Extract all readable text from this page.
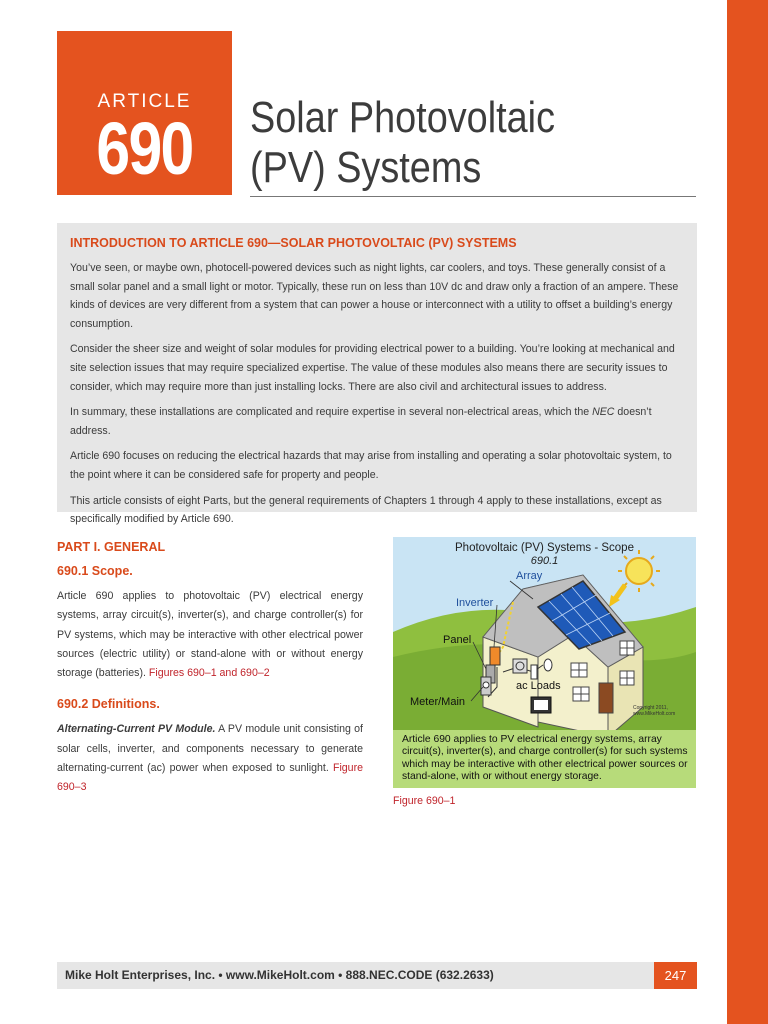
ARTICLE
690	Solar Photovoltaic
(PV) Systems
INTRODUCTION TO ARTICLE 690—SOLAR PHOTOVOLTAIC (PV) SYSTEMS

You’ve seen, or maybe own, photocell-powered devices such as night lights, car coolers, and toys. These generally consist of a small solar panel and a small light or motor. Typically, these run on less than 10V dc and draw only a fraction of an ampere. These kinds of devices are very different from a system that can power a house or interconnect with a utility to offset a building’s energy consumption.

Consider the sheer size and weight of solar modules for providing electrical power to a building. You’re looking at mechanical and site selection issues that may require specialized expertise. The value of these modules also means there are security issues to consider, which may require more than just installing locks. There are also civil and architectural issues to address.

In summary, these installations are complicated and require expertise in several non-electrical areas, which the NEC doesn’t address.

Article 690 focuses on reducing the electrical hazards that may arise from installing and operating a solar photovoltaic system, to the point where it can be considered safe for property and people.

This article consists of eight Parts, but the general requirements of Chapters 1 through 4 apply to these installations, except as specifically modified by Article 690.

PART I. GENERAL
690.1 Scope.

Article 690 applies to photovoltaic (PV) electrical energy systems, array circuit(s), inverter(s), and charge controller(s) for PV systems, which may be interactive with other electrical power sources (electric utility) or stand-alone with or without energy storage (batteries). Figures 690–1 and 690–2

690.2 Definitions.

Alternating-Current PV Module. A PV module unit consisting of solar cells, inverter, and components necessary to generate alternating-current (ac) power when exposed to sunlight. Figure 690–3

Photovoltaic (PV) Systems - Scope
690.1
Array
Inverter
Panel
ac Loads
Meter/Main	Copyright 2011,
www.MikeHolt.com
Article 690 applies to PV electrical energy systems, array circuit(s), inverter(s), and charge controller(s) for such systems which may be interactive with other electrical power sources or stand-alone, with or without energy storage.
Figure 690–1
Mike Holt Enterprises, Inc. • www.MikeHolt.com • 888.NEC.CODE (632.2633)	247
